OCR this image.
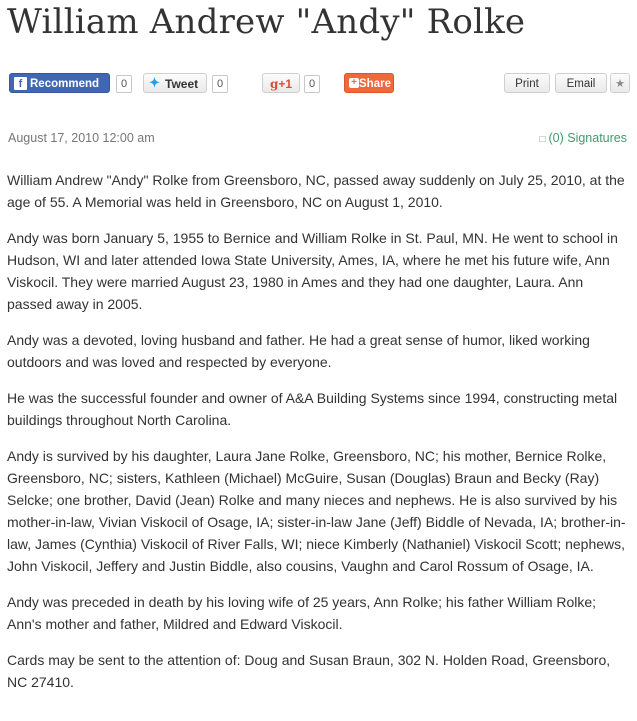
William Andrew "Andy" Rolke
f Recommend	0	✦ Tweet	0	g+1	0	+ Share	Print	Email	★
August 17, 2010 12:00 am	□ (0) Signatures

William Andrew "Andy" Rolke from Greensboro, NC, passed away suddenly on July 25, 2010, at the age of 55. A Memorial was held in Greensboro, NC on August 1, 2010.

Andy was born January 5, 1955 to Bernice and William Rolke in St. Paul, MN. He went to school in Hudson, WI and later attended Iowa State University, Ames, IA, where he met his future wife, Ann Viskocil. They were married August 23, 1980 in Ames and they had one daughter, Laura. Ann passed away in 2005.

Andy was a devoted, loving husband and father. He had a great sense of humor, liked working outdoors and was loved and respected by everyone.

He was the successful founder and owner of A&A Building Systems since 1994, constructing metal buildings throughout North Carolina.

Andy is survived by his daughter, Laura Jane Rolke, Greensboro, NC; his mother, Bernice Rolke, Greensboro, NC; sisters, Kathleen (Michael) McGuire, Susan (Douglas) Braun and Becky (Ray) Selcke; one brother, David (Jean) Rolke and many nieces and nephews. He is also survived by his mother-in-law, Vivian Viskocil of Osage, IA; sister-in-law Jane (Jeff) Biddle of Nevada, IA; brother-in-law, James (Cynthia) Viskocil of River Falls, WI; niece Kimberly (Nathaniel) Viskocil Scott; nephews, John Viskocil, Jeffery and Justin Biddle, also cousins, Vaughn and Carol Rossum of Osage, IA.

Andy was preceded in death by his loving wife of 25 years, Ann Rolke; his father William Rolke; Ann's mother and father, Mildred and Edward Viskocil.

Cards may be sent to the attention of: Doug and Susan Braun, 302 N. Holden Road, Greensboro, NC 27410.
